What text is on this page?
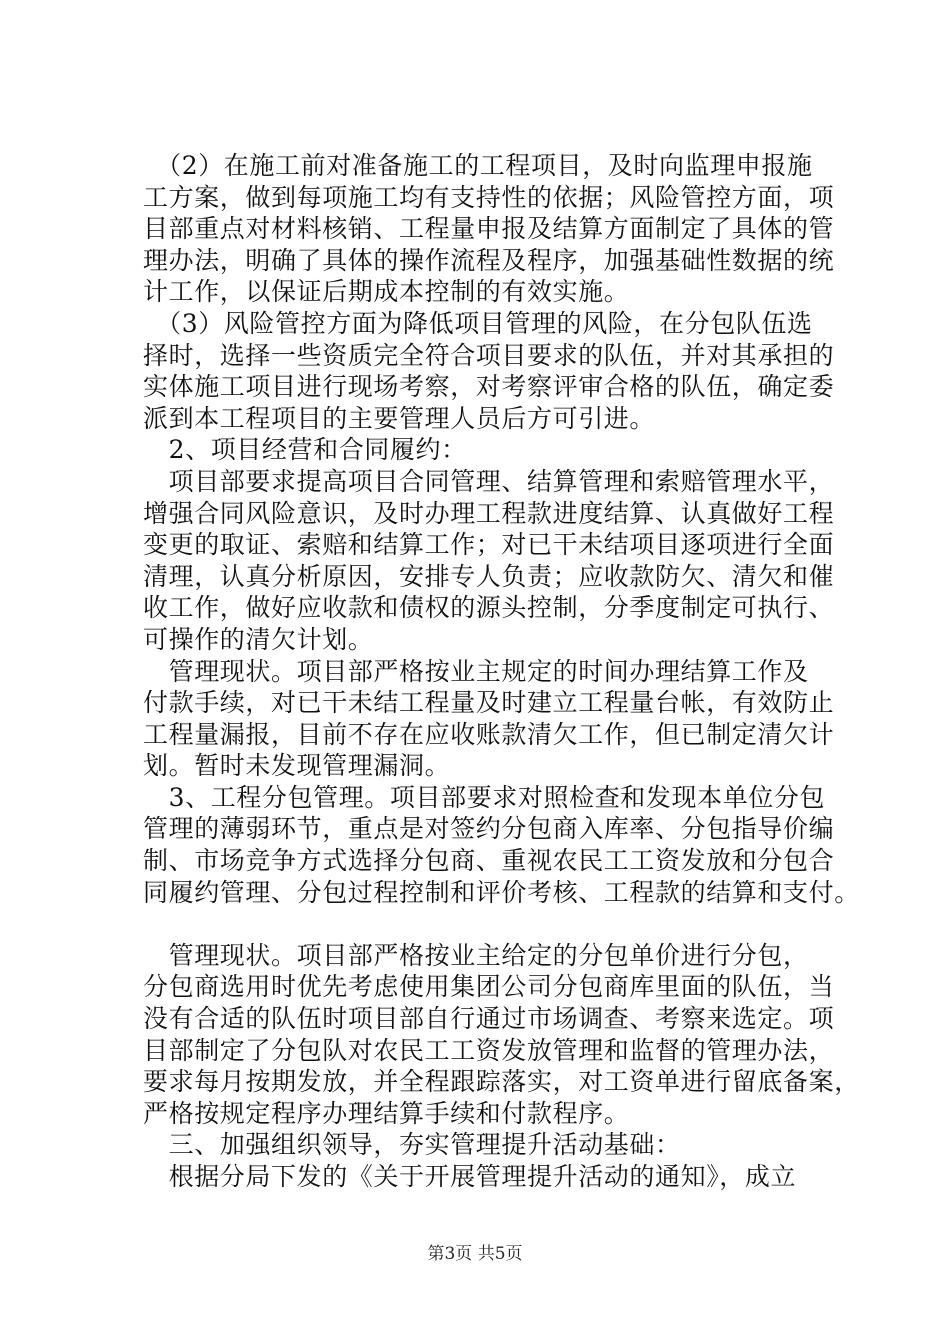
　（2）在施工前对准备施工的工程项目，及时向监理申报施
工方案，做到每项施工均有支持性的依据；风险管控方面，项
目部重点对材料核销、工程量申报及结算方面制定了具体的管
理办法，明确了具体的操作流程及程序，加强基础性数据的统
计工作，以保证后期成本控制的有效实施。
　（3）风险管控方面为降低项目管理的风险，在分包队伍选
择时，选择一些资质完全符合项目要求的队伍，并对其承担的
实体施工项目进行现场考察，对考察评审合格的队伍，确定委
派到本工程项目的主要管理人员后方可引进。
　2、项目经营和合同履约：
　项目部要求提高项目合同管理、结算管理和索赔管理水平，
增强合同风险意识，及时办理工程款进度结算、认真做好工程
变更的取证、索赔和结算工作；对已干未结项目逐项进行全面
清理，认真分析原因，安排专人负责；应收款防欠、清欠和催
收工作，做好应收款和债权的源头控制，分季度制定可执行、
可操作的清欠计划。
　管理现状。项目部严格按业主规定的时间办理结算工作及
付款手续，对已干未结工程量及时建立工程量台帐，有效防止
工程量漏报，目前不存在应收账款清欠工作，但已制定清欠计
划。暂时未发现管理漏洞。
　3、工程分包管理。项目部要求对照检查和发现本单位分包
管理的薄弱环节，重点是对签约分包商入库率、分包指导价编
制、市场竞争方式选择分包商、重视农民工工资发放和分包合
同履约管理、分包过程控制和评价考核、工程款的结算和支付。
　管理现状。项目部严格按业主给定的分包单价进行分包，
分包商选用时优先考虑使用集团公司分包商库里面的队伍，当
没有合适的队伍时项目部自行通过市场调查、考察来选定。项
目部制定了分包队对农民工工资发放管理和监督的管理办法，
要求每月按期发放，并全程跟踪落实，对工资单进行留底备案，
严格按规定程序办理结算手续和付款程序。
　三、加强组织领导，夯实管理提升活动基础：
　根据分局下发的《关于开展管理提升活动的通知》，成立
第3页 共5页
